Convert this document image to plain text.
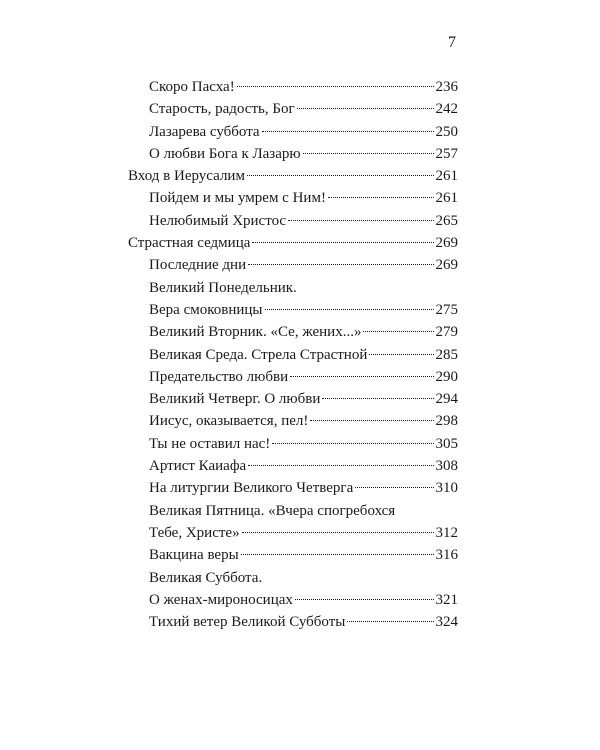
7
Скоро Пасха!	236
Старость, радость, Бог	242
Лазарева суббота	250
О любви Бога к Лазарю	257
Вход в Иерусалим	261
Пойдем и мы умрем с Ним!	261
Нелюбимый Христос	265
Страстная седмица	269
Последние дни	269
Великий Понедельник.
Вера смоковницы	275
Великий Вторник. «Се, жених...»	279
Великая Среда. Стрела Страстной	285
Предательство любви	290
Великий Четверг. О любви	294
Иисус, оказывается, пел!	298
Ты не оставил нас!	305
Артист Каиафа	308
На литургии Великого Четверга	310
Великая Пятница. «Вчера спогребохся
Тебе, Христе»	312
Вакцина веры	316
Великая Суббота.
О женах-мироносицах	321
Тихий ветер Великой Субботы	324
